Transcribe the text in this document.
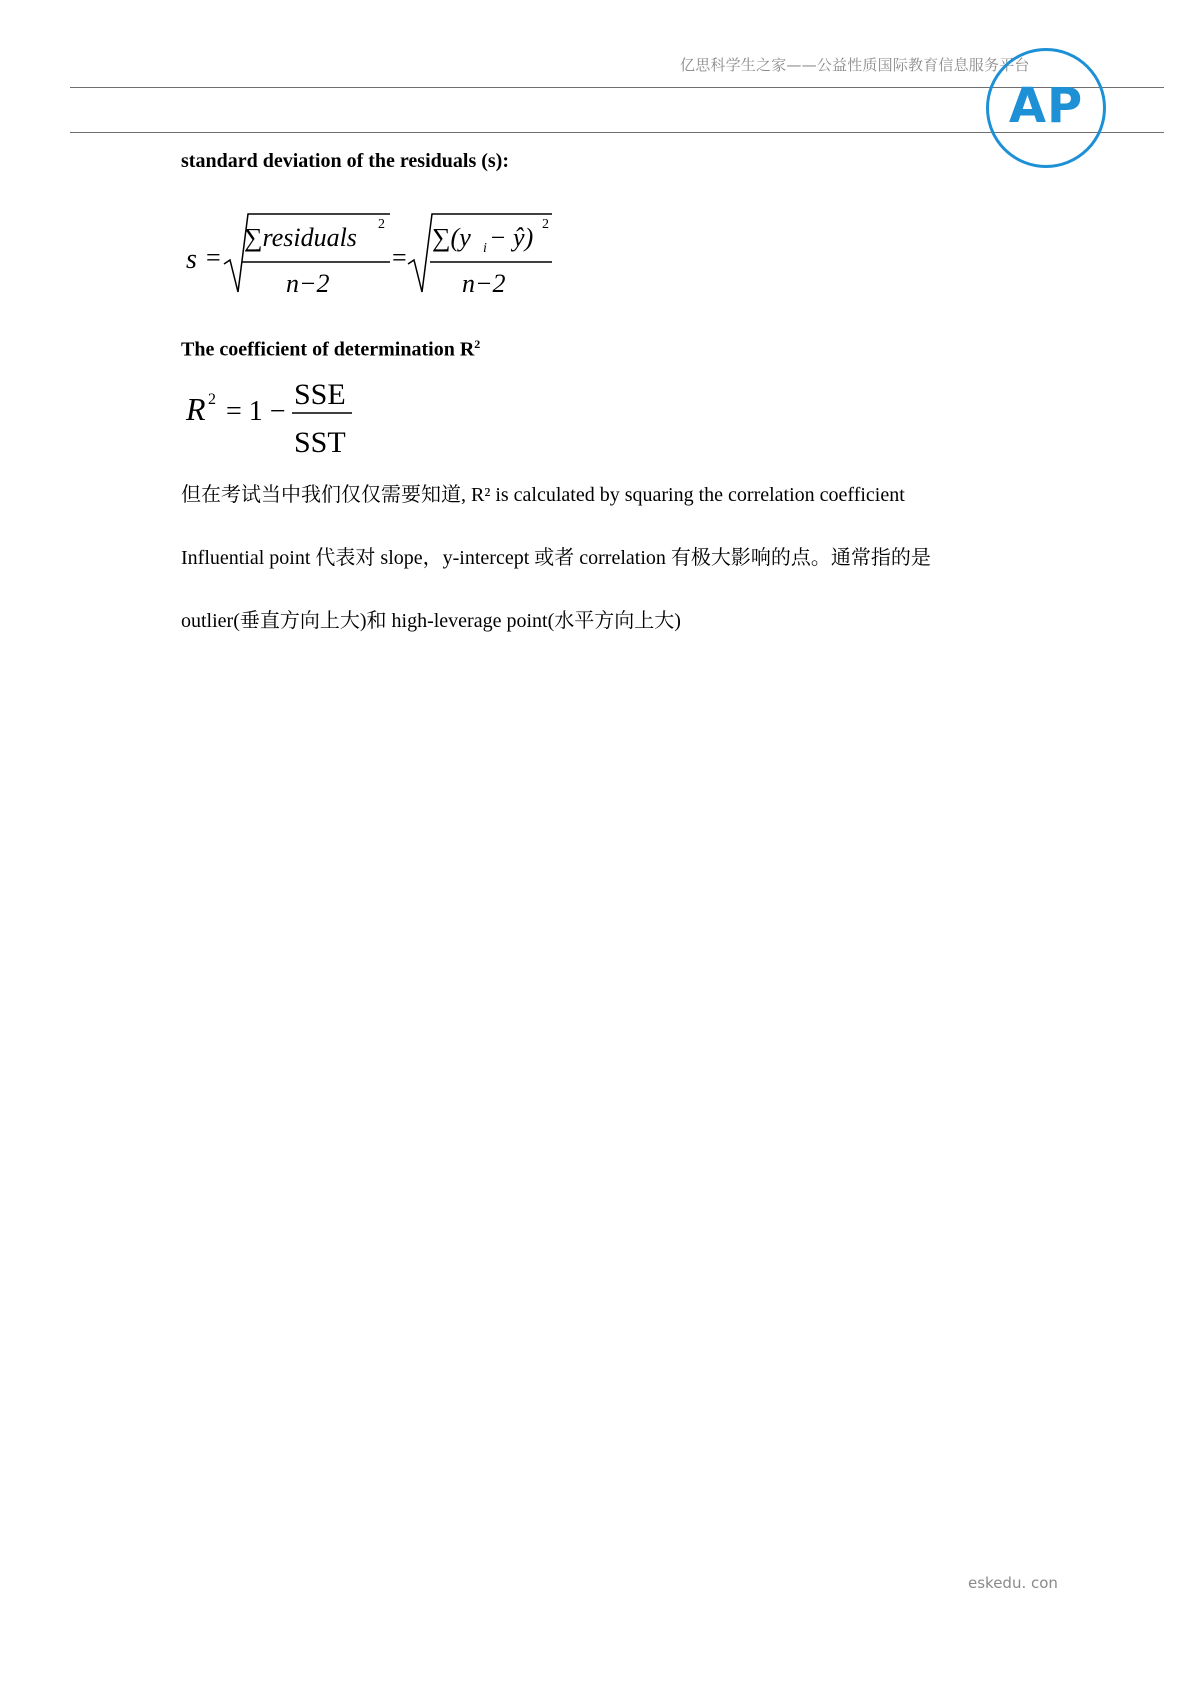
亿思科学生之家——公益性质国际教育信息服务平台
AP
standard deviation of the residuals (s):
s =
∑residuals 2
n−2
=
∑(y i − ŷ) 2
n−2
The coefficient of determination $R^2$
R 2 = 1 −
SSE
SST
但在考试当中我们仅仅需要知道, R² is calculated by squaring the correlation coefficient
Influential point 代表对 slope，y-intercept 或者 correlation 有极大影响的点。通常指的是
outlier(垂直方向上大)和 high-leverage point(水平方向上大)
eskedu. con
